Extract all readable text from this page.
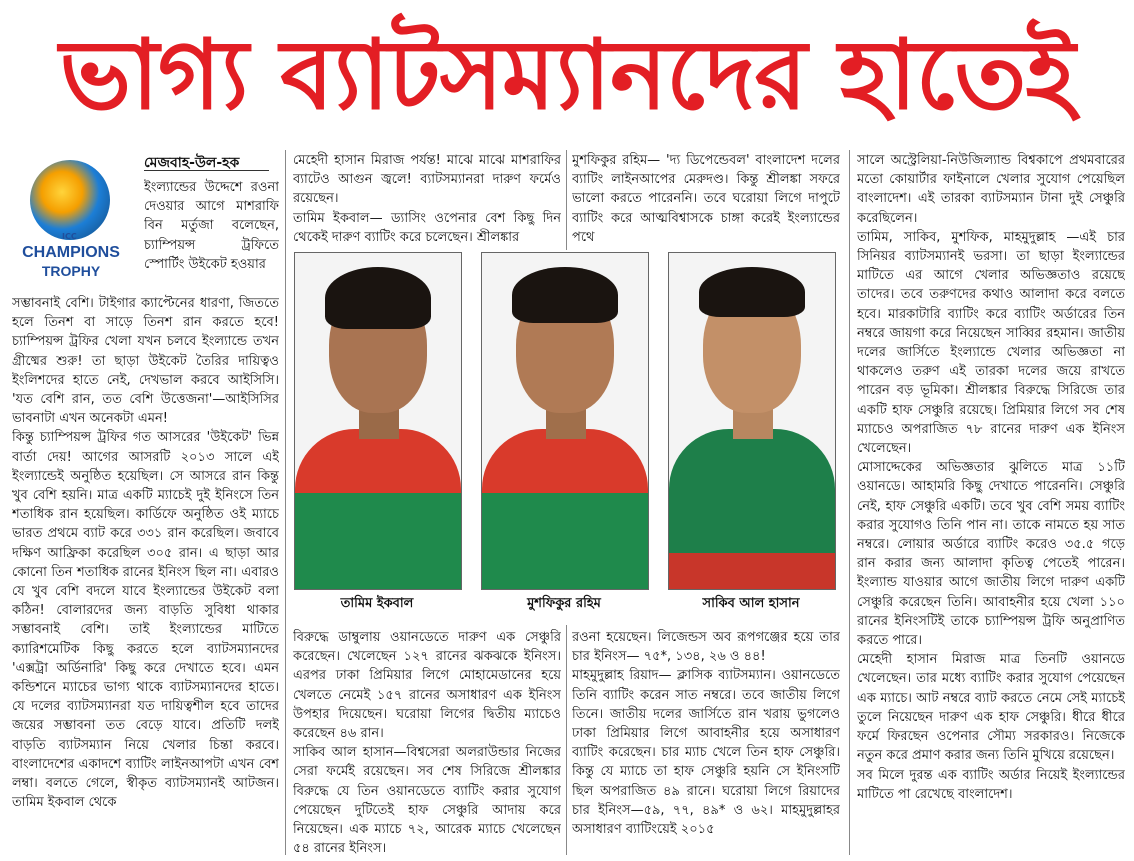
ভাগ্য ব্যাটসম্যানদের হাতেই
ICC
CHAMPIONS
TROPHY
মেজবাহ-উল-হক

ইংল্যান্ডের উদ্দেশে রওনা দেওয়ার আগে মাশরাফি বিন মর্তুজা বলেছেন, চ্যাম্পিয়ন্স ট্রফিতে স্পোর্টিং উইকেট হওয়ার

সম্ভাবনাই বেশি। টাইগার ক্যাপ্টেনের ধারণা, জিততে হলে তিনশ বা সাড়ে তিনশ রান করতে হবে! চ্যাম্পিয়ন্স ট্রফির খেলা যখন চলবে ইংল্যান্ডে তখন গ্রীষ্মের শুরু! তা ছাড়া উইকেট তৈরির দায়িত্বও ইংলিশদের হাতে নেই, দেখভাল করবে আইসিসি। 'যত বেশি রান, তত বেশি উত্তেজনা'—আইসিসির ভাবনাটা এখন অনেকটা এমন!

কিন্তু চ্যাম্পিয়ন্স ট্রফির গত আসরের 'উইকেট' ভিন্ন বার্তা দেয়! আগের আসরটি ২০১৩ সালে এই ইংল্যান্ডেই অনুষ্ঠিত হয়েছিল। সে আসরে রান কিন্তু খুব বেশি হয়নি। মাত্র একটি ম্যাচেই দুই ইনিংসে তিন শতাধিক রান হয়েছিল। কার্ডিফে অনুষ্ঠিত ওই ম্যাচে ভারত প্রথমে ব্যাট করে ৩৩১ রান করেছিল। জবাবে দক্ষিণ আফ্রিকা করেছিল ৩০৫ রান। এ ছাড়া আর কোনো তিন শতাধিক রানের ইনিংস ছিল না। এবারও যে খুব বেশি বদলে যাবে ইংল্যান্ডের উইকেট বলা কঠিন! বোলারদের জন্য বাড়তি সুবিধা থাকার সম্ভাবনাই বেশি। তাই ইংল্যান্ডের মাটিতে ক্যারিশমেটিক কিছু করতে হলে ব্যাটসম্যানদের 'এক্সট্রা অর্ডিনারি' কিছু করে দেখাতে হবে। এমন কন্ডিশনে ম্যাচের ভাগ্য থাকে ব্যাটসম্যানদের হাতে। যে দলের ব্যাটসম্যানরা যত দায়িত্বশীল হবে তাদের জয়ের সম্ভাবনা তত বেড়ে যাবে। প্রতিটি দলই বাড়তি ব্যাটসম্যান নিয়ে খেলার চিন্তা করবে। বাংলাদেশের একাদশে ব্যাটিং লাইনআপটা এখন বেশ লম্বা। বলতে গেলে, স্বীকৃত ব্যাটসম্যানই আটজন। তামিম ইকবাল থেকে

মেহেদী হাসান মিরাজ পর্যন্ত! মাঝে মাঝে মাশরাফির ব্যাটেও আগুন জ্বলে! ব্যাটসম্যানরা দারুণ ফর্মেও রয়েছেন।

তামিম ইকবাল— ড্যাসিং ওপেনার বেশ কিছু দিন থেকেই দারুণ ব্যাটিং করে চলেছেন। শ্রীলঙ্কার

মুশফিকুর রহিম— 'দ্য ডিপেন্ডেবল' বাংলাদেশ দলের ব্যাটিং লাইনআপের মেরুদণ্ড। কিন্তু শ্রীলঙ্কা সফরে ভালো করতে পারেননি। তবে ঘরোয়া লিগে দাপুটে ব্যাটিং করে আত্মবিশ্বাসকে চাঙ্গা করেই ইংল্যান্ডের পথে

তামিম ইকবাল	মুশফিকুর রহিম	সাকিব আল হাসান

বিরুদ্ধে ডাম্বুলায় ওয়ানডেতে দারুণ এক সেঞ্চুরি করেছেন। খেলেছেন ১২৭ রানের ঝকঝকে ইনিংস। এরপর ঢাকা প্রিমিয়ার লিগে মোহামেডানের হয়ে খেলতে নেমেই ১৫৭ রানের অসাধারণ এক ইনিংস উপহার দিয়েছেন। ঘরোয়া লিগের দ্বিতীয় ম্যাচেও করেছেন ৪৬ রান।

সাকিব আল হাসান—বিশ্বসেরা অলরাউন্ডার নিজের সেরা ফর্মেই রয়েছেন। সব শেষ সিরিজে শ্রীলঙ্কার বিরুদ্ধে যে তিন ওয়ানডেতে ব্যাটিং করার সুযোগ পেয়েছেন দুটিতেই হাফ সেঞ্চুরি আদায় করে নিয়েছেন। এক ম্যাচে ৭২, আরেক ম্যাচে খেলেছেন ৫৪ রানের ইনিংস।

রওনা হয়েছেন। লিজেন্ডস অব রূপগঞ্জের হয়ে তার চার ইনিংস— ৭৫*, ১৩৪, ২৬ ও ৪৪!

মাহমুদুল্লাহ রিয়াদ— ক্লাসিক ব্যাটসম্যান। ওয়ানডেতে তিনি ব্যাটিং করেন সাত নম্বরে। তবে জাতীয় লিগে তিনে। জাতীয় দলের জার্সিতে রান খরায় ভুগলেও ঢাকা প্রিমিয়ার লিগে আবাহনীর হয়ে অসাধারণ ব্যাটিং করেছেন। চার ম্যাচ খেলে তিন হাফ সেঞ্চুরি। কিন্তু যে ম্যাচে তা হাফ সেঞ্চুরি হয়নি সে ইনিংসটি ছিল অপরাজিত ৪৯ রানে। ঘরোয়া লিগে রিয়াদের চার ইনিংস—৫৯, ৭৭, ৪৯* ও ৬২। মাহমুদুল্লাহর অসাধারণ ব্যাটিংয়েই ২০১৫

সালে অস্ট্রেলিয়া-নিউজিল্যান্ড বিশ্বকাপে প্রথমবারের মতো কোয়ার্টার ফাইনালে খেলার সুযোগ পেয়েছিল বাংলাদেশ। এই তারকা ব্যাটসম্যান টানা দুই সেঞ্চুরি করেছিলেন।

তামিম, সাকিব, মুশফিক, মাহমুদুল্লাহ —এই চার সিনিয়র ব্যাটসম্যানই ভরসা। তা ছাড়া ইংল্যান্ডের মাটিতে এর আগে খেলার অভিজ্ঞতাও রয়েছে তাদের। তবে তরুণদের কথাও আলাদা করে বলতে হবে। মারকাটারি ব্যাটিং করে ব্যাটিং অর্ডারের তিন নম্বরে জায়গা করে নিয়েছেন সাব্বির রহমান। জাতীয় দলের জার্সিতে ইংল্যান্ডে খেলার অভিজ্ঞতা না থাকলেও তরুণ এই তারকা দলের জয়ে রাখতে পারেন বড় ভূমিকা। শ্রীলঙ্কার বিরুদ্ধে সিরিজে তার একটি হাফ সেঞ্চুরি রয়েছে। প্রিমিয়ার লিগে সব শেষ ম্যাচেও অপরাজিত ৭৮ রানের দারুণ এক ইনিংস খেলেছেন।

মোসাদ্দেকের অভিজ্ঞতার ঝুলিতে মাত্র ১১টি ওয়ানডে। আহামরি কিছু দেখাতে পারেননি। সেঞ্চুরি নেই, হাফ সেঞ্চুরি একটি। তবে খুব বেশি সময় ব্যাটিং করার সুযোগও তিনি পান না। তাকে নামতে হয় সাত নম্বরে। লোয়ার অর্ডারে ব্যাটিং করেও ৩৫.৫ গড়ে রান করার জন্য আলাদা কৃতিত্ব পেতেই পারেন। ইংল্যান্ড যাওয়ার আগে জাতীয় লিগে দারুণ একটি সেঞ্চুরি করেছেন তিনি। আবাহনীর হয়ে খেলা ১১০ রানের ইনিংসটিই তাকে চ্যাম্পিয়ন্স ট্রফি অনুপ্রাণিত করতে পারে।

মেহেদী হাসান মিরাজ মাত্র তিনটি ওয়ানডে খেলেছেন। তার মধ্যে ব্যাটিং করার সুযোগ পেয়েছেন এক ম্যাচে। আট নম্বরে ব্যাট করতে নেমে সেই ম্যাচেই তুলে নিয়েছেন দারুণ এক হাফ সেঞ্চুরি। ধীরে ধীরে ফর্মে ফিরছেন ওপেনার সৌম্য সরকারও। নিজেকে নতুন করে প্রমাণ করার জন্য তিনি মুখিয়ে রয়েছেন।

সব মিলে দুরন্ত এক ব্যাটিং অর্ডার নিয়েই ইংল্যান্ডের মাটিতে পা রেখেছে বাংলাদেশ।
